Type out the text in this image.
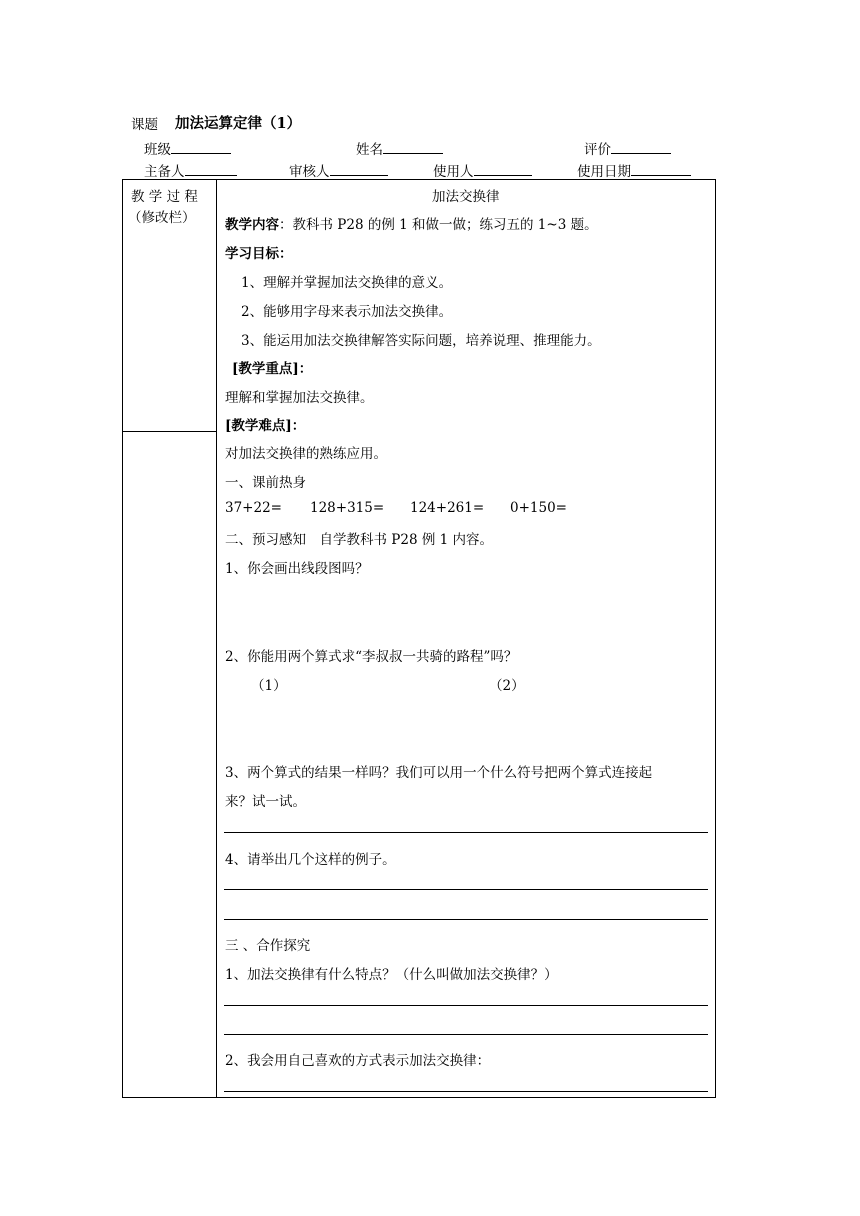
课题 加法运算定律（1）
班级	姓名	评价
主备人	审核人	使用人	使用日期
教 学 过 程
（修改栏）
加法交换律
教学内容：教科书 P28 的例 1 和做一做；练习五的 1~3 题。
学习目标：
1、理解并掌握加法交换律的意义。
2、能够用字母来表示加法交换律。
3、能运用加法交换律解答实际问题，培养说理、推理能力。
[教学重点]：
理解和掌握加法交换律。
[教学难点]：
对加法交换律的熟练应用。
一、课前热身
37+22= 128+315= 124+261= 0+150=
二、预习感知　自学教科书 P28 例 1 内容。
1、你会画出线段图吗？
2、你能用两个算式求“李叔叔一共骑的路程”吗？
（1）	（2）
3、两个算式的结果一样吗？我们可以用一个什么符号把两个算式连接起
来？试一试。
4、请举出几个这样的例子。
三 、合作探究
1、加法交换律有什么特点？（什么叫做加法交换律？）
2、我会用自己喜欢的方式表示加法交换律：
